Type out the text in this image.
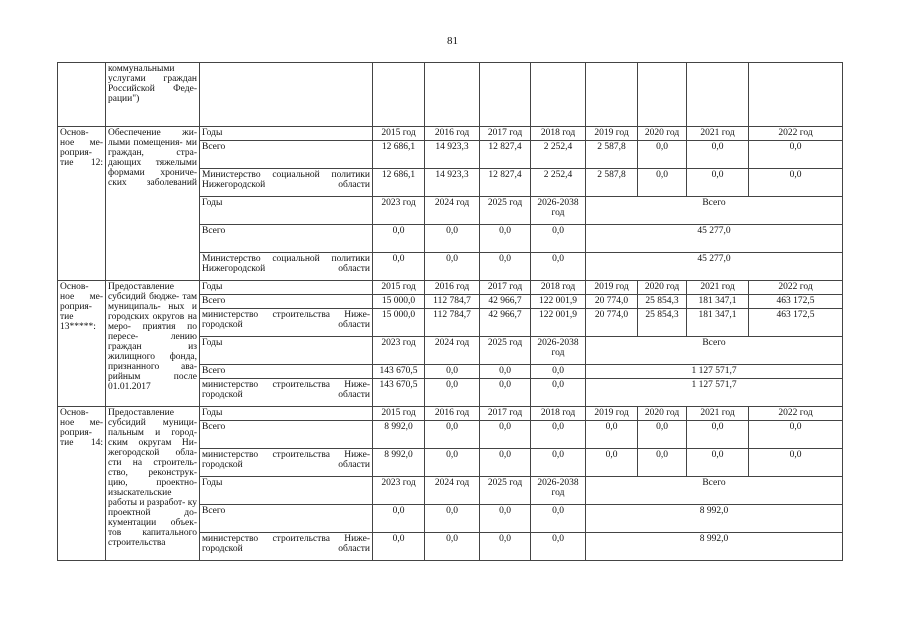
81
	коммунальными услугами граждан Российской Феде- рации")									
Основ- ное ме- роприя- тие 12:	Обеспечение жи- лыми помещения- ми граждан, стра- дающих тяжелыми формами хрониче- ских заболеваний	Годы	2015 год	2016 год	2017 год	2018 год	2019 год	2020 год	2021 год	2022 год
		Всего	12 686,1	14 923,3	12 827,4	2 252,4	2 587,8	0,0	0,0	0,0
		Министерство социальной политики Нижегородской области	12 686,1	14 923,3	12 827,4	2 252,4	2 587,8	0,0	0,0	0,0
		Годы	2023 год	2024 год	2025 год	2026-2038 год	Всего			
		Всего	0,0	0,0	0,0	0,0	45 277,0			
		Министерство социальной политики Нижегородской области	0,0	0,0	0,0	0,0	45 277,0			
Основ- ное ме- роприя- тие 13*****:	Предоставление субсидий бюдже- там муниципаль- ных и городских округов на меро- приятия по пересе- лению граждан из жилищного фонда, признанного ава- рийным после 01.01.2017	Годы	2015 год	2016 год	2017 год	2018 год	2019 год	2020 год	2021 год	2022 год
		Всего	15 000,0	112 784,7	42 966,7	122 001,9	20 774,0	25 854,3	181 347,1	463 172,5
		министерство строительства Ниже- городской области	15 000,0	112 784,7	42 966,7	122 001,9	20 774,0	25 854,3	181 347,1	463 172,5
		Годы	2023 год	2024 год	2025 год	2026-2038 год	Всего			
		Всего	143 670,5	0,0	0,0	0,0	1 127 571,7			
		министерство строительства Ниже- городской области	143 670,5	0,0	0,0	0,0	1 127 571,7			
Основ- ное ме- роприя- тие 14:	Предоставление субсидий муници- пальным и город- ским округам Ни- жегородской обла- сти на строитель- ство, реконструк- цию, проектно- изыскательские работы и разработ- ку проектной до- кументации объек- тов капитального строительства	Годы	2015 год	2016 год	2017 год	2018 год	2019 год	2020 год	2021 год	2022 год
		Всего	8 992,0	0,0	0,0	0,0	0,0	0,0	0,0	0,0
		министерство строительства Ниже- городской области	8 992,0	0,0	0,0	0,0	0,0	0,0	0,0	0,0
		Годы	2023 год	2024 год	2025 год	2026-2038 год	Всего			
		Всего	0,0	0,0	0,0	0,0	8 992,0			
		министерство строительства Ниже- городской области	0,0	0,0	0,0	0,0	8 992,0			
